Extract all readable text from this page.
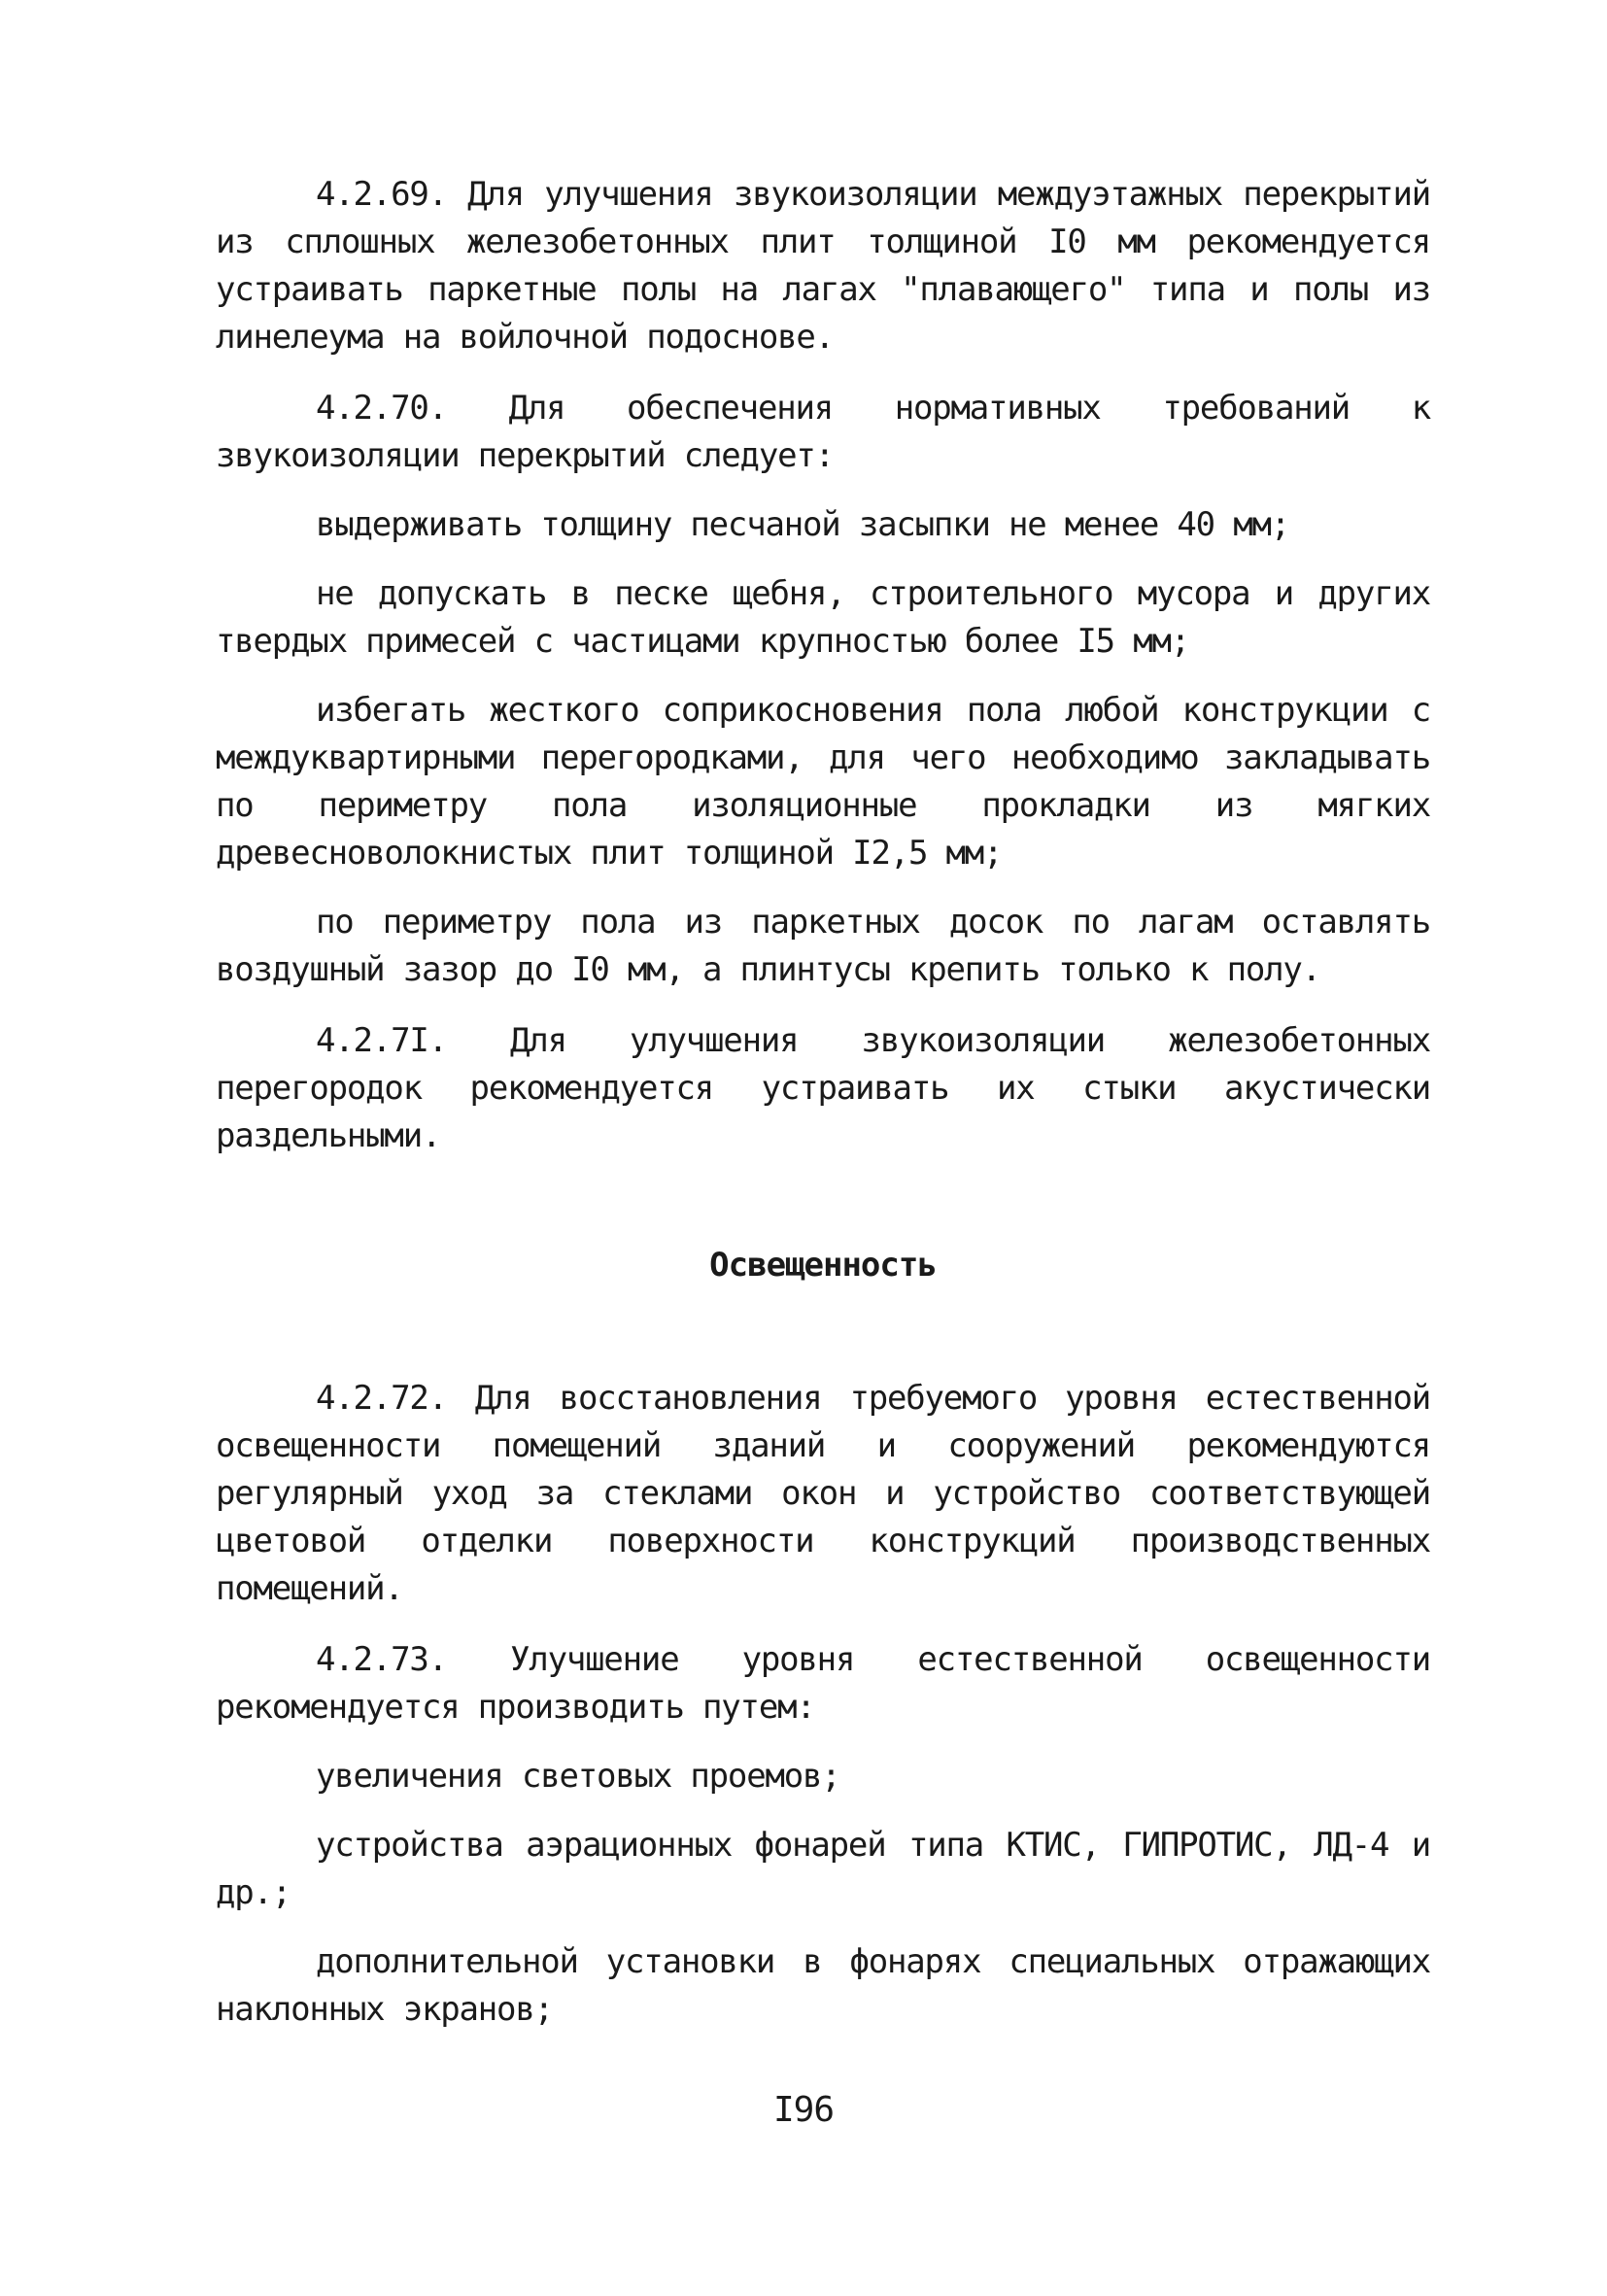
4.2.69. Для улучшения звукоизоляции междуэтажных перекрытий из сплошных железобетонных плит толщиной I0 мм рекомендуется устраивать паркетные полы на лагах "плавающего" типа и полы из линелеума на войлочной подоснове.

4.2.70. Для обеспечения нормативных требований к звукоизоляции перекрытий следует:

выдерживать толщину песчаной засыпки не менее 40 мм;

не допускать в песке щебня, строительного мусора и других твердых примесей с частицами крупностью более I5 мм;

избегать жесткого соприкосновения пола любой конструкции с междуквартирными перегородками, для чего необходимо закладывать по периметру пола изоляционные прокладки из мягких древесноволокнистых плит толщиной I2,5 мм;

по периметру пола из паркетных досок по лагам оставлять воздушный зазор до I0 мм, а плинтусы крепить только к полу.

4.2.7I. Для улучшения звукоизоляции железобетонных перегородок рекомендуется устраивать их стыки акустически раздельными.

Освещенность

4.2.72. Для восстановления требуемого уровня естественной освещенности помещений зданий и сооружений рекомендуются регулярный уход за стеклами окон и устройство соответствующей цветовой отделки поверхности конструкций производственных помещений.

4.2.73. Улучшение уровня естественной освещенности рекомендуется производить путем:

увеличения световых проемов;

устройства аэрационных фонарей типа КТИС, ГИПРОТИС, ЛД-4 и др.;

дополнительной установки в фонарях специальных отражающих наклонных экранов;

I96
